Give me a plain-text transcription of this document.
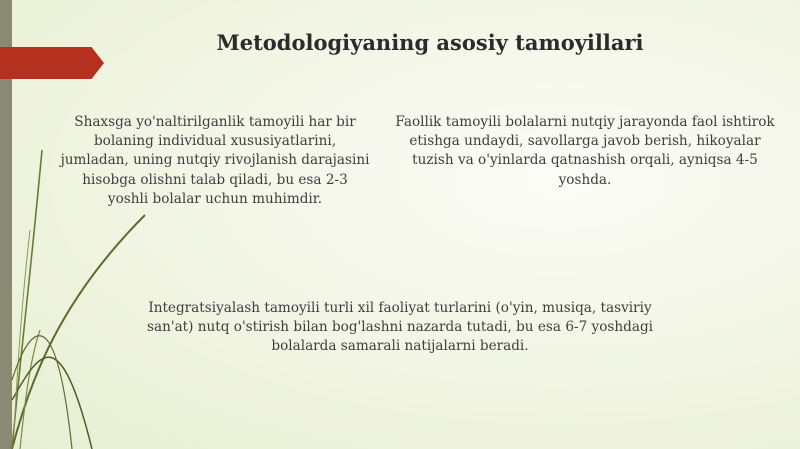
Metodologiyaning asosiy tamoyillari
Shaxsga yo'naltirilganlik tamoyili har bir bolaning individual xususiyatlarini, jumladan, uning nutqiy rivojlanish darajasini hisobga olishni talab qiladi, bu esa 2-3 yoshli bolalar uchun muhimdir.
Faollik tamoyili bolalarni nutqiy jarayonda faol ishtirok etishga undaydi, savollarga javob berish, hikoyalar tuzish va o'yinlarda qatnashish orqali, ayniqsa 4-5 yoshda.
Integratsiyalash tamoyili turli xil faoliyat turlarini (o'yin, musiqa, tasviriy san'at) nutq o'stirish bilan bog'lashni nazarda tutadi, bu esa 6-7 yoshdagi bolalarda samarali natijalarni beradi.
